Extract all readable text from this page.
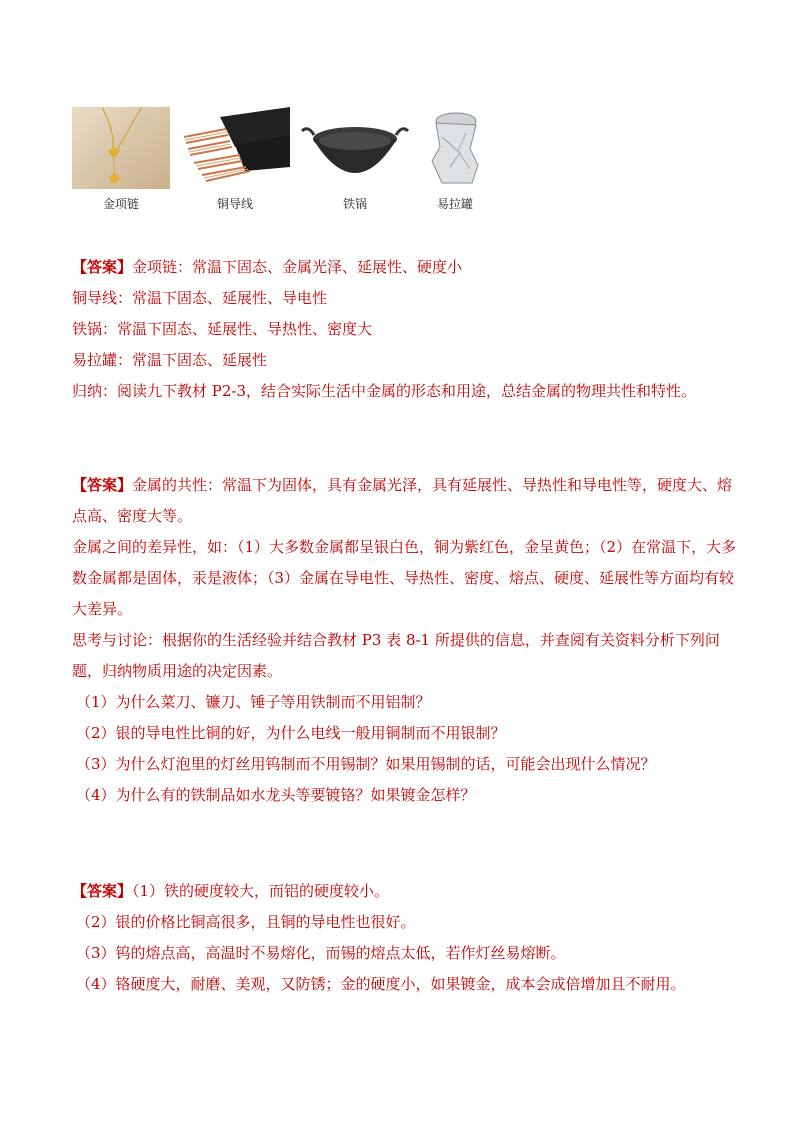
金项链	铜导线	铁锅	易拉罐
【答案】金项链：常温下固态、金属光泽、延展性、硬度小
铜导线：常温下固态、延展性、导电性
铁锅：常温下固态、延展性、导热性、密度大
易拉罐：常温下固态、延展性
归纳：阅读九下教材 P2-3，结合实际生活中金属的形态和用途，总结金属的物理共性和特性。
【答案】金属的共性：常温下为固体，具有金属光泽，具有延展性、导热性和导电性等，硬度大、熔点高、密度大等。
金属之间的差异性，如：（1）大多数金属都呈银白色，铜为紫红色，金呈黄色；（2）在常温下，大多数金属都是固体，汞是液体；（3）金属在导电性、导热性、密度、熔点、硬度、延展性等方面均有较大差异。
思考与讨论：根据你的生活经验并结合教材 P3 表 8-1 所提供的信息，并查阅有关资料分析下列问题，归纳物质用途的决定因素。
（1）为什么菜刀、镰刀、锤子等用铁制而不用铝制？
（2）银的导电性比铜的好，为什么电线一般用铜制而不用银制？
（3）为什么灯泡里的灯丝用钨制而不用锡制？如果用锡制的话，可能会出现什么情况？
（4）为什么有的铁制品如水龙头等要镀铬？如果镀金怎样？
【答案】（1）铁的硬度较大，而铝的硬度较小。
（2）银的价格比铜高很多，且铜的导电性也很好。
（3）钨的熔点高，高温时不易熔化，而锡的熔点太低，若作灯丝易熔断。
（4）铬硬度大，耐磨、美观，又防锈；金的硬度小，如果镀金，成本会成倍增加且不耐用。
